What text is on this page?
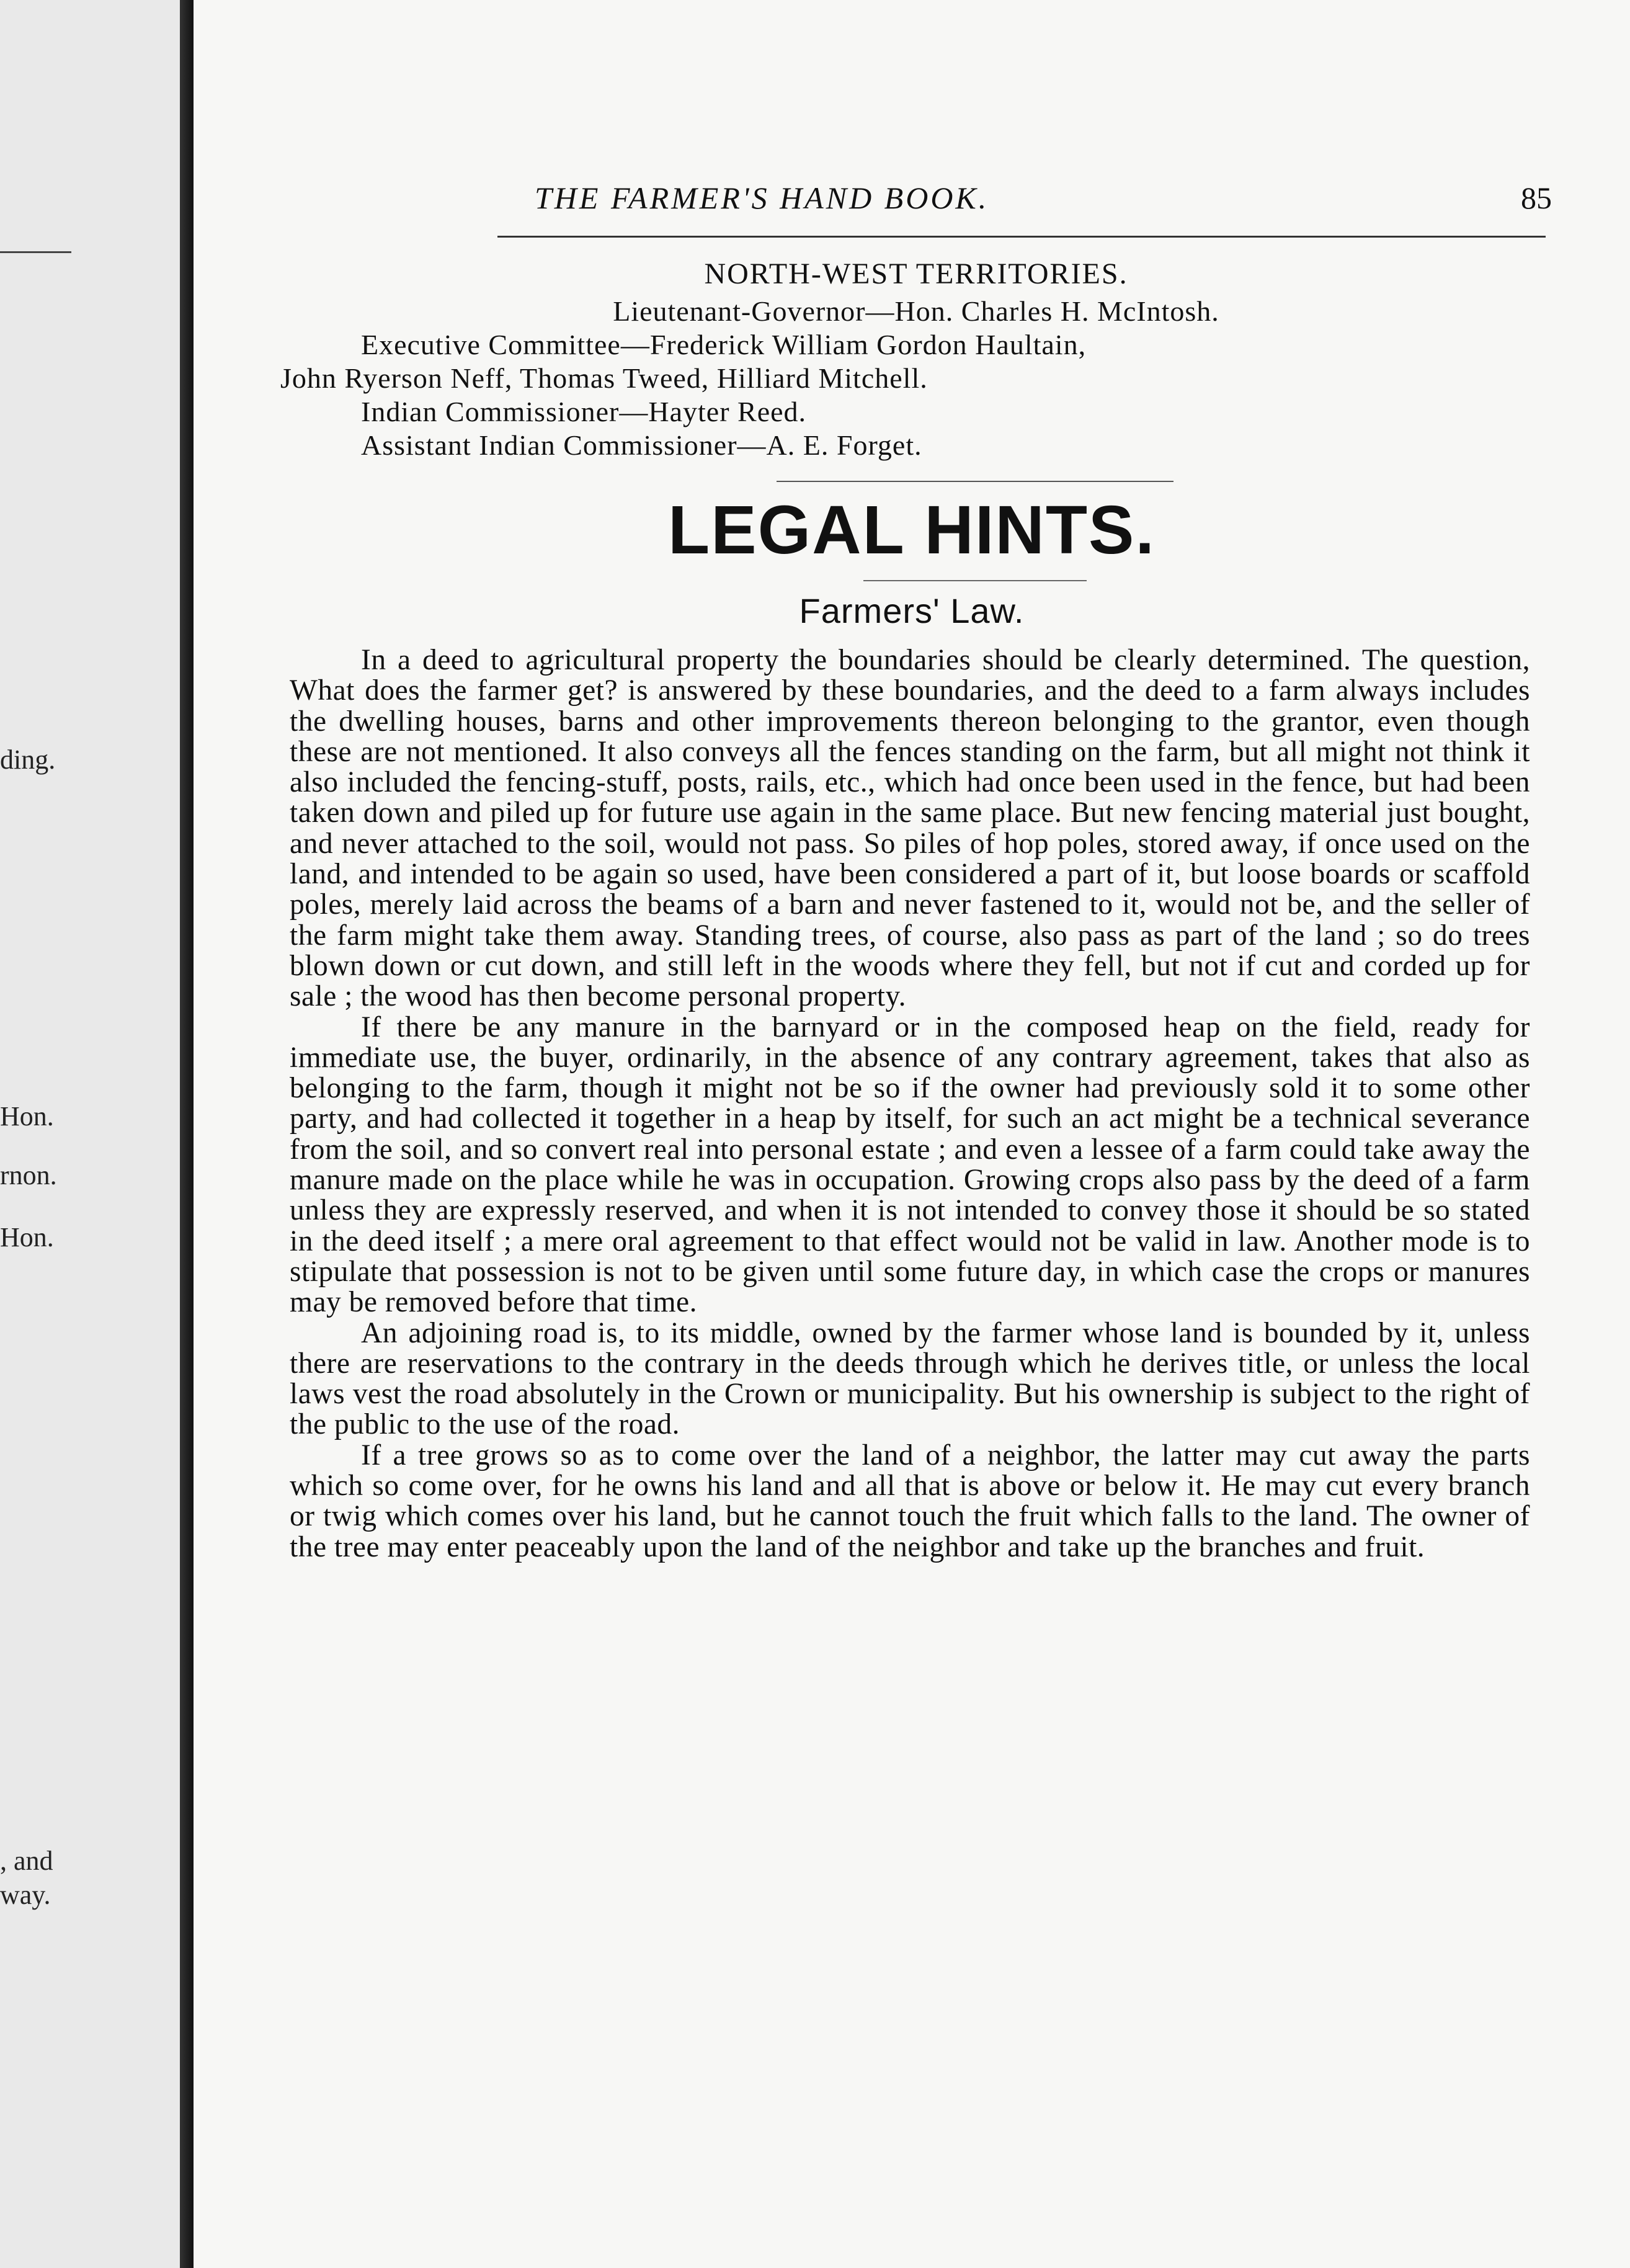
ding.
Hon.
rnon.
Hon.
, and
way.
THE FARMER'S HAND BOOK.	85
NORTH-WEST TERRITORIES.
Lieutenant-Governor—Hon. Charles H. McIntosh.
Executive Committee—Frederick William Gordon Haultain,
John Ryerson Neff, Thomas Tweed, Hilliard Mitchell.
Indian Commissioner—Hayter Reed.
Assistant Indian Commissioner—A. E. Forget.
LEGAL HINTS.
Farmers' Law.

In a deed to agricultural property the boundaries should be clearly determined. The question, What does the farmer get? is answered by these boundaries, and the deed to a farm always includes the dwelling houses, barns and other improvements thereon belonging to the grantor, even though these are not mentioned. It also conveys all the fences standing on the farm, but all might not think it also included the fencing-stuff, posts, rails, etc., which had once been used in the fence, but had been taken down and piled up for future use again in the same place. But new fencing material just bought, and never attached to the soil, would not pass. So piles of hop poles, stored away, if once used on the land, and intended to be again so used, have been considered a part of it, but loose boards or scaffold poles, merely laid across the beams of a barn and never fastened to it, would not be, and the seller of the farm might take them away. Standing trees, of course, also pass as part of the land ; so do trees blown down or cut down, and still left in the woods where they fell, but not if cut and corded up for sale ; the wood has then become personal property.

If there be any manure in the barnyard or in the composed heap on the field, ready for immediate use, the buyer, ordinarily, in the absence of any contrary agreement, takes that also as belonging to the farm, though it might not be so if the owner had previously sold it to some other party, and had collected it together in a heap by itself, for such an act might be a technical severance from the soil, and so convert real into personal estate ; and even a lessee of a farm could take away the manure made on the place while he was in occupation. Growing crops also pass by the deed of a farm unless they are expressly reserved, and when it is not intended to convey those it should be so stated in the deed itself ; a mere oral agreement to that effect would not be valid in law. Another mode is to stipulate that possession is not to be given until some future day, in which case the crops or manures may be removed before that time.

An adjoining road is, to its middle, owned by the farmer whose land is bounded by it, unless there are reservations to the contrary in the deeds through which he derives title, or unless the local laws vest the road absolutely in the Crown or municipality. But his ownership is subject to the right of the public to the use of the road.

If a tree grows so as to come over the land of a neighbor, the latter may cut away the parts which so come over, for he owns his land and all that is above or below it. He may cut every branch or twig which comes over his land, but he cannot touch the fruit which falls to the land. The owner of the tree may enter peaceably upon the land of the neighbor and take up the branches and fruit.
